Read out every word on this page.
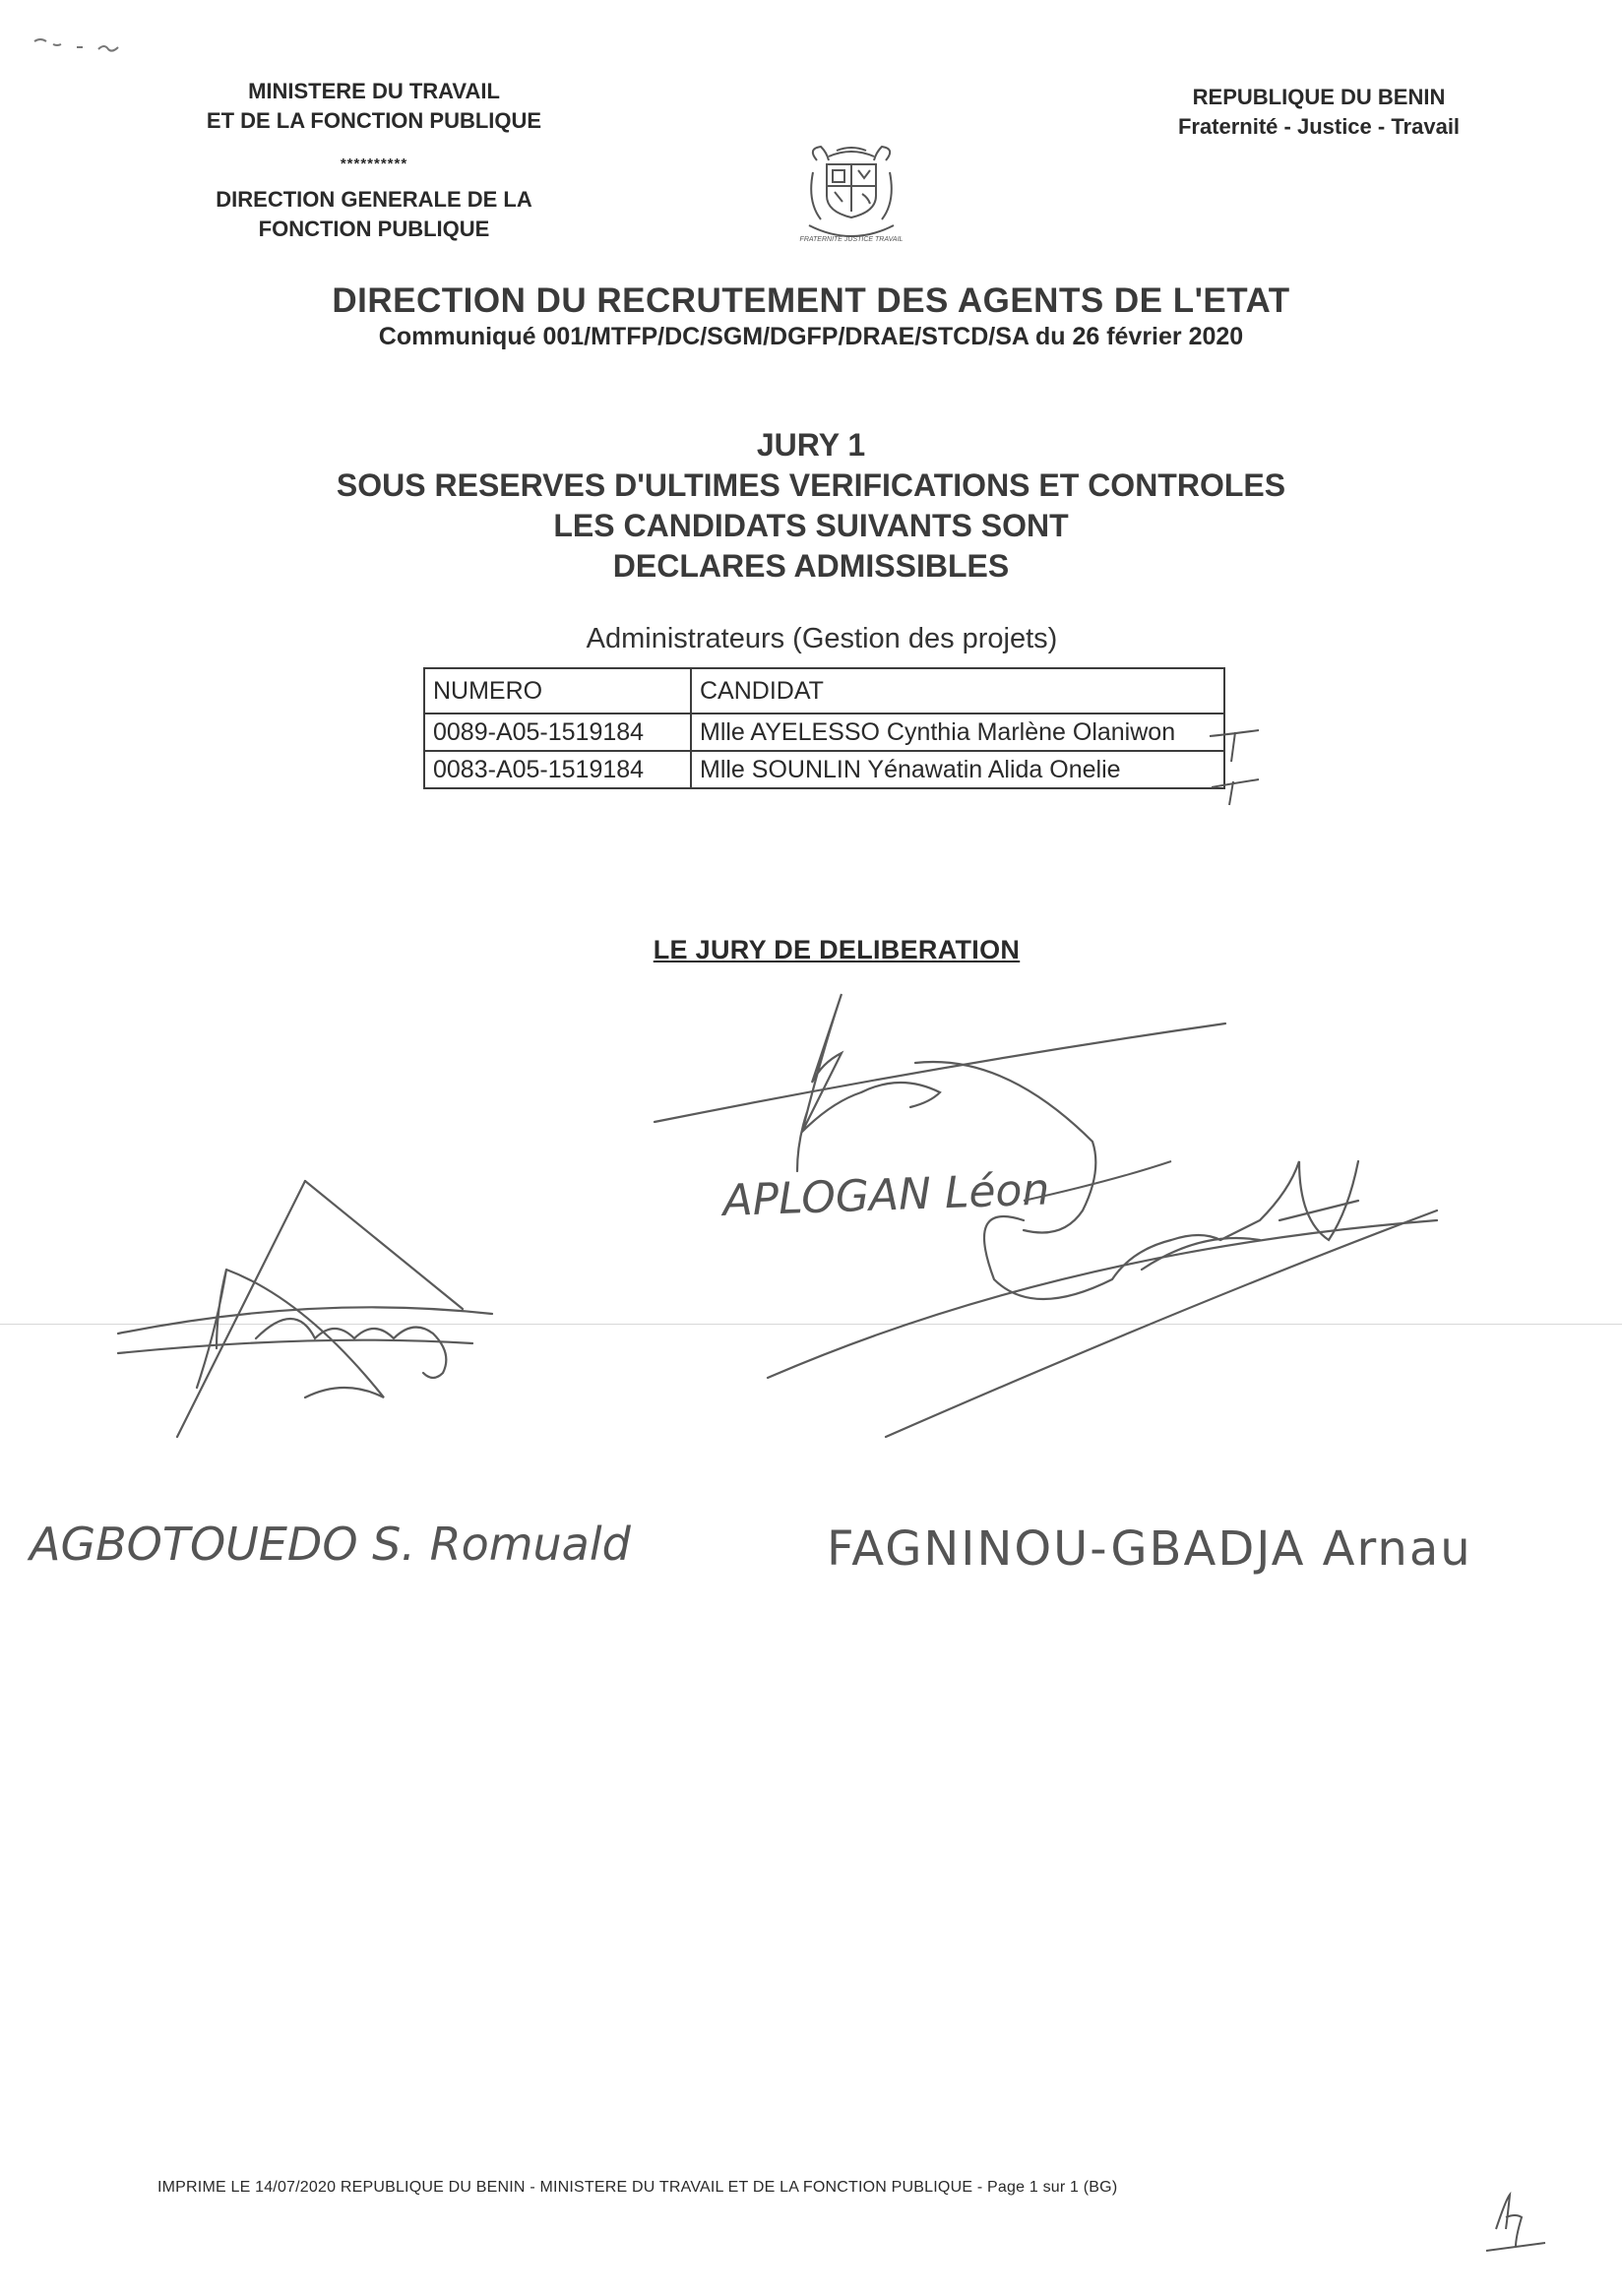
MINISTERE DU TRAVAIL
ET DE LA FONCTION PUBLIQUE
**********
DIRECTION GENERALE DE LA
FONCTION PUBLIQUE
REPUBLIQUE DU BENIN
Fraternité - Justice - Travail
FRATERNITE JUSTICE TRAVAIL
DIRECTION DU RECRUTEMENT DES AGENTS DE L'ETAT
Communiqué 001/MTFP/DC/SGM/DGFP/DRAE/STCD/SA du 26 février 2020
JURY 1
SOUS RESERVES D'ULTIMES VERIFICATIONS ET CONTROLES
LES CANDIDATS SUIVANTS SONT
DECLARES ADMISSIBLES
Administrateurs (Gestion des projets)
NUMERO	CANDIDAT
0089-A05-1519184	Mlle AYELESSO Cynthia Marlène Olaniwon
0083-A05-1519184	Mlle SOUNLIN Yénawatin Alida Onelie
LE JURY DE DELIBERATION
APLOGAN Léon
AGBOTOUEDO S. Romuald	FAGNINOU-GBADJA Arnau
IMPRIME LE 14/07/2020 REPUBLIQUE DU BENIN - MINISTERE DU TRAVAIL ET DE LA FONCTION PUBLIQUE - Page 1 sur 1 (BG)
